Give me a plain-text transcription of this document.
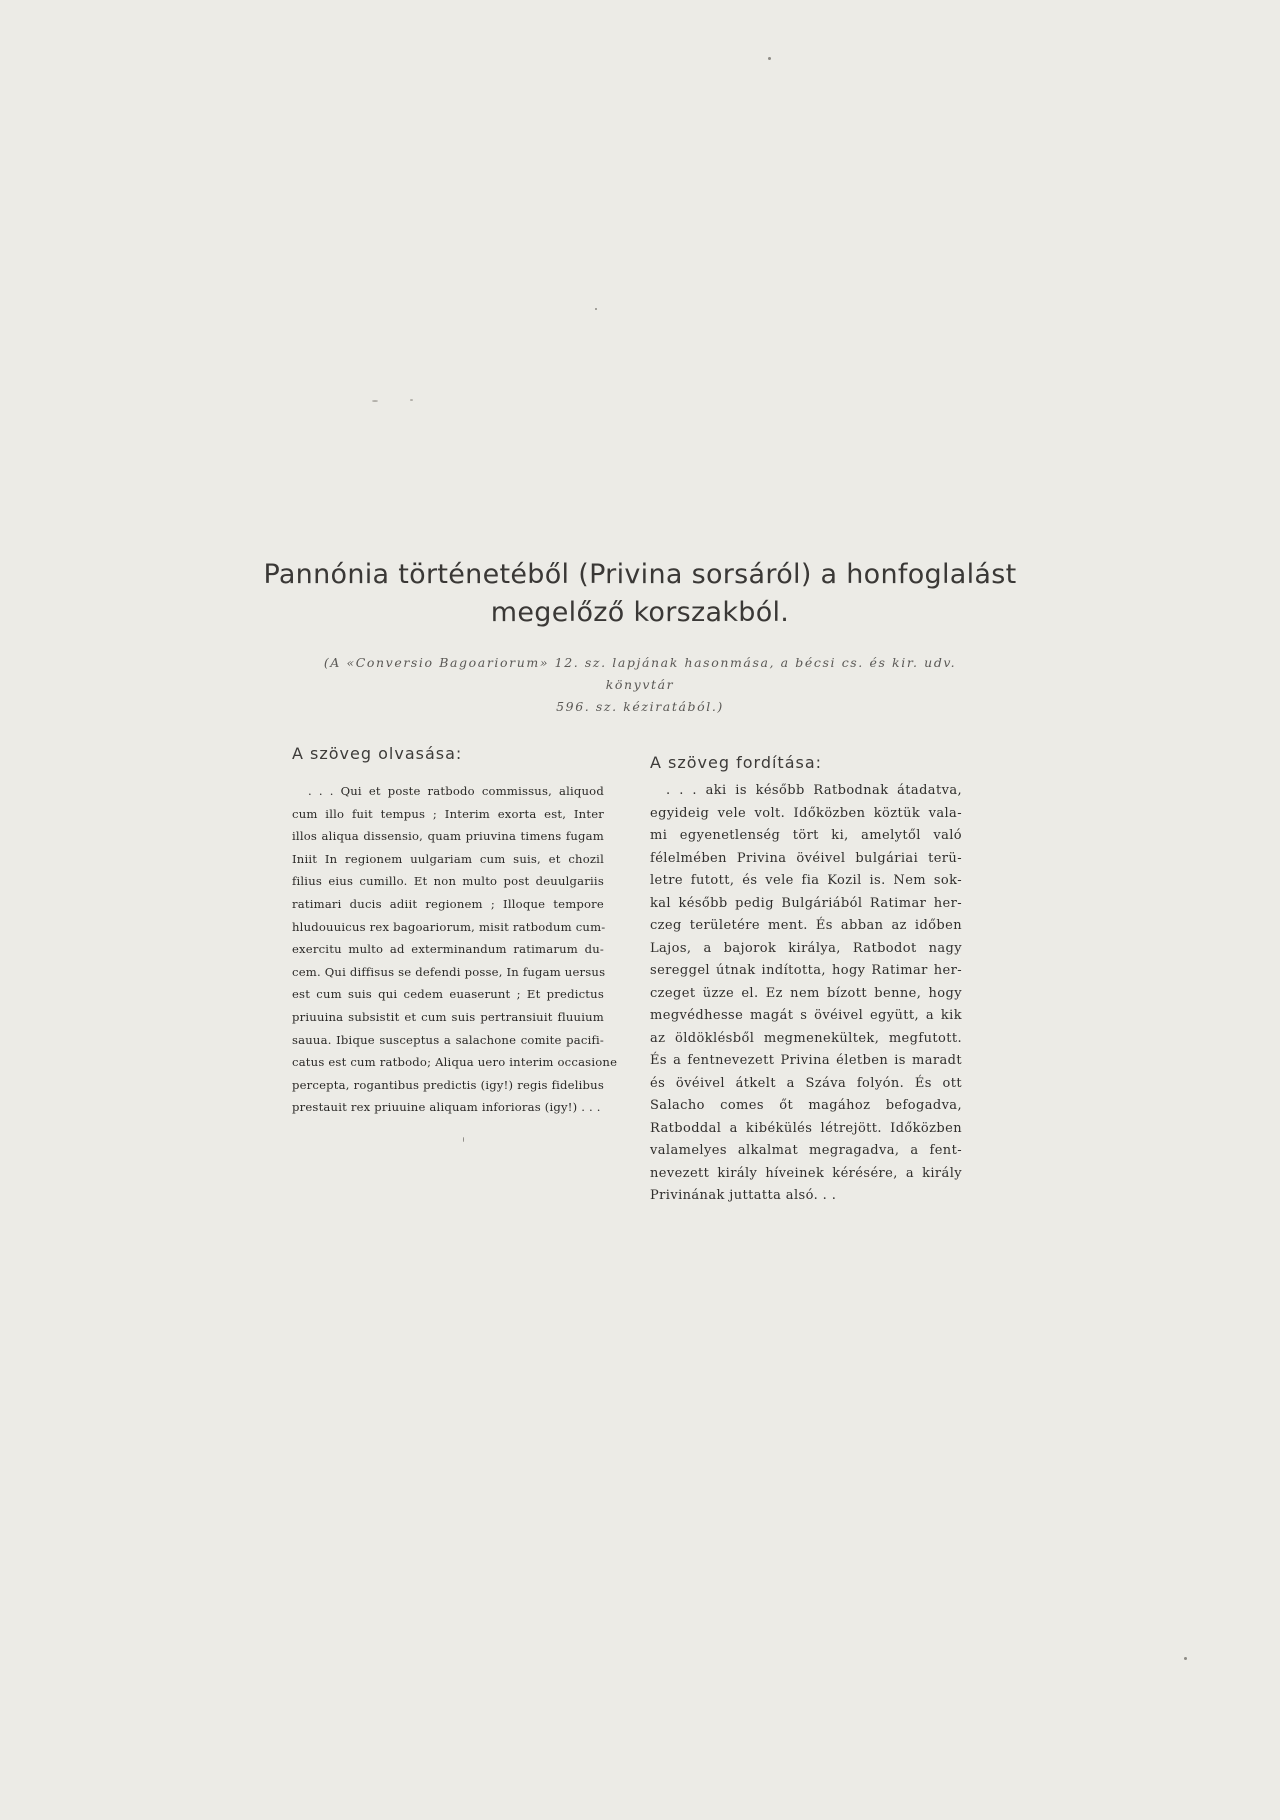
Pannónia történetéből (Privina sorsáról) a honfoglalást
megelőző korszakból.
(A «Conversio Bagoariorum» 12. sz. lapjának hasonmása, a bécsi cs. és kir. udv. könyvtár
596. sz. kéziratából.)
A szöveg olvasása:	A szöveg fordítása:
. . . Qui et poste ratbodo commissus, aliquod
cum illo fuit tempus ; Interim exorta est, Inter
illos aliqua dissensio, quam priuvina timens fugam
Iniit In regionem uulgariam cum suis, et chozil
filius eius cumillo. Et non multo post deuulgariis
ratimari ducis adiit regionem ; Illoque tempore
hludouuicus rex bagoariorum, misit ratbodum cum-
exercitu multo ad exterminandum ratimarum du-
cem. Qui diffisus se defendi posse, In fugam uersus
est cum suis qui cedem euaserunt ; Et predictus
priuuina subsistit et cum suis pertransiuit fluuium
sauua. Ibique susceptus a salachone comite pacifi-
catus est cum ratbodo; Aliqua uero interim occasione
percepta, rogantibus predictis (igy!) regis fidelibus
prestauit rex priuuine aliquam inforioras (igy!) . . .
. . . aki is később Ratbodnak átadatva,
egyideig vele volt. Időközben köztük vala-
mi egyenetlenség tört ki, amelytől való
félelmében Privina övéivel bulgáriai terü-
letre futott, és vele fia Kozil is. Nem sok-
kal később pedig Bulgáriából Ratimar her-
czeg területére ment. És abban az időben
Lajos, a bajorok királya, Ratbodot nagy
sereggel útnak indította, hogy Ratimar her-
czeget üzze el. Ez nem bízott benne, hogy
megvédhesse magát s övéivel együtt, a kik
az öldöklésből megmenekültek, megfutott.
És a fentnevezett Privina életben is maradt
és övéivel átkelt a Száva folyón. És ott
Salacho comes őt magához befogadva,
Ratboddal a kibékülés létrejött. Időközben
valamelyes alkalmat megragadva, a fent-
nevezett király híveinek kérésére, a király
Privinának juttatta alsó. . .
